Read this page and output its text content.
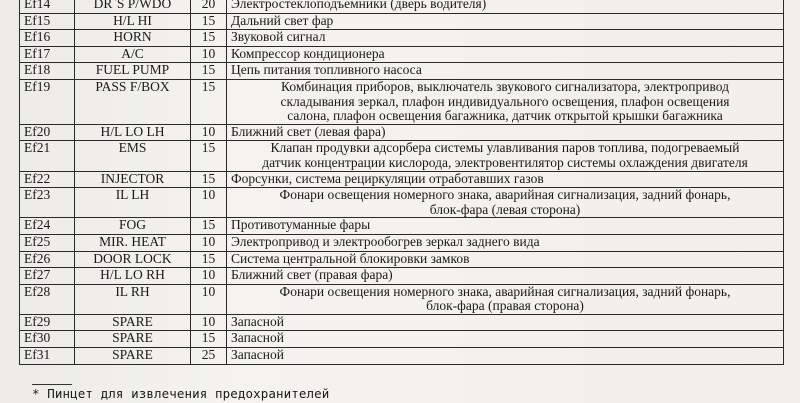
Ef14	DR`S P/WDO	20	Электростеклоподъемники (дверь водителя)

Ef15	H/L HI	15	Дальний свет фар

Ef16	HORN	15	Звуковой сигнал

Ef17	A/C	10	Компрессор кондиционера

Ef18	FUEL PUMP	15	Цепь питания топливного насоса

Ef19	PASS F/BOX	15	Комбинация приборов, выключатель звукового сигнализатора, электропривод
складывания зеркал, плафон индивидуального освещения, плафон освещения
салона, плафон освещения багажника, датчик открытой крышки багажника

Ef20	H/L LO LH	10	Ближний свет (левая фара)

Ef21	EMS	15	Клапан продувки адсорбера системы улавливания паров топлива, подогреваемый
датчик концентрации кислорода, электровентилятор системы охлаждения двигателя

Ef22	INJECTOR	15	Форсунки, система рециркуляции отработавших газов

Ef23	IL LH	10	Фонари освещения номерного знака, аварийная сигнализация, задний фонарь,
блок-фара (левая сторона)

Ef24	FOG	15	Противотуманные фары

Ef25	MIR. HEAT	10	Электропривод и электрообогрев зеркал заднего вида

Ef26	DOOR LOCK	15	Система центральной блокировки замков

Ef27	H/L LO RH	10	Ближний свет (правая фара)

Ef28	IL RH	10	Фонари освещения номерного знака, аварийная сигнализация, задний фонарь,
блок-фара (правая сторона)

Ef29	SPARE	10	Запасной

Ef30	SPARE	15	Запасной

Ef31	SPARE	25	Запасной
* Пинцет для извлечения предохранителей
